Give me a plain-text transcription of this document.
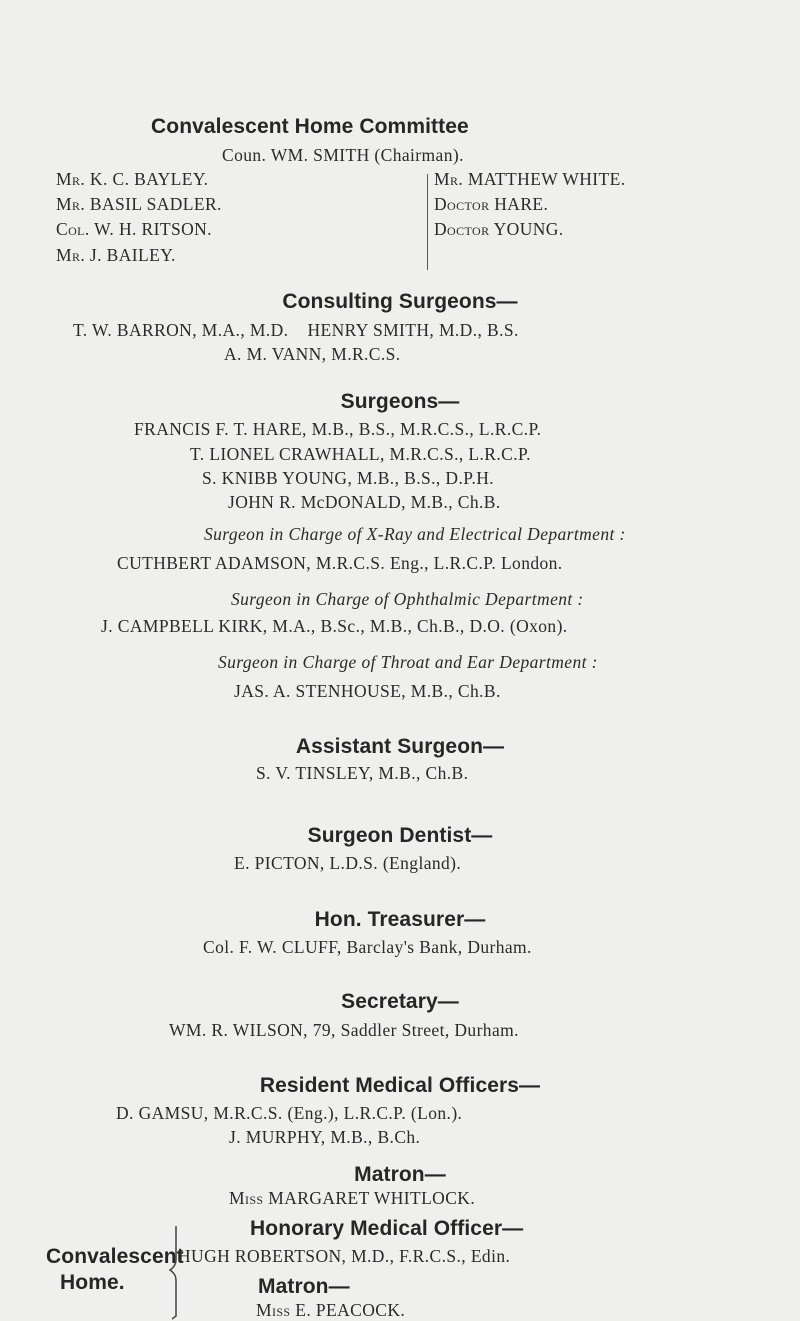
Convalescent Home Committee
Coun. WM. SMITH (Chairman).
Mr. K. C. BAYLEY.
Mr. BASIL SADLER.
Col. W. H. RITSON.
Mr. J. BAILEY.
Mr. MATTHEW WHITE.
Doctor HARE.
Doctor YOUNG.
Consulting Surgeons—
T. W. BARRON, M.A., M.D.    HENRY SMITH, M.D., B.S.
A. M. VANN, M.R.C.S.
Surgeons—
FRANCIS F. T. HARE, M.B., B.S., M.R.C.S., L.R.C.P.
T. LIONEL CRAWHALL, M.R.C.S., L.R.C.P.
S. KNIBB YOUNG, M.B., B.S., D.P.H.
JOHN R. McDONALD, M.B., Ch.B.
Surgeon in Charge of X-Ray and Electrical Department :
CUTHBERT ADAMSON, M.R.C.S. Eng., L.R.C.P. London.
Surgeon in Charge of Ophthalmic Department :
J. CAMPBELL KIRK, M.A., B.Sc., M.B., Ch.B., D.O. (Oxon).
Surgeon in Charge of Throat and Ear Department :
JAS. A. STENHOUSE, M.B., Ch.B.
Assistant Surgeon—
S. V. TINSLEY, M.B., Ch.B.
Surgeon Dentist—
E. PICTON, L.D.S. (England).
Hon. Treasurer—
Col. F. W. CLUFF, Barclay's Bank, Durham.
Secretary—
WM. R. WILSON, 79, Saddler Street, Durham.
Resident Medical Officers—
D. GAMSU, M.R.C.S. (Eng.), L.R.C.P. (Lon.).
J. MURPHY, M.B., B.Ch.
Matron—
Miss MARGARET WHITLOCK.
Convalescent
Home.
Honorary Medical Officer—
HUGH ROBERTSON, M.D., F.R.C.S., Edin.
Matron—
Miss E. PEACOCK.
